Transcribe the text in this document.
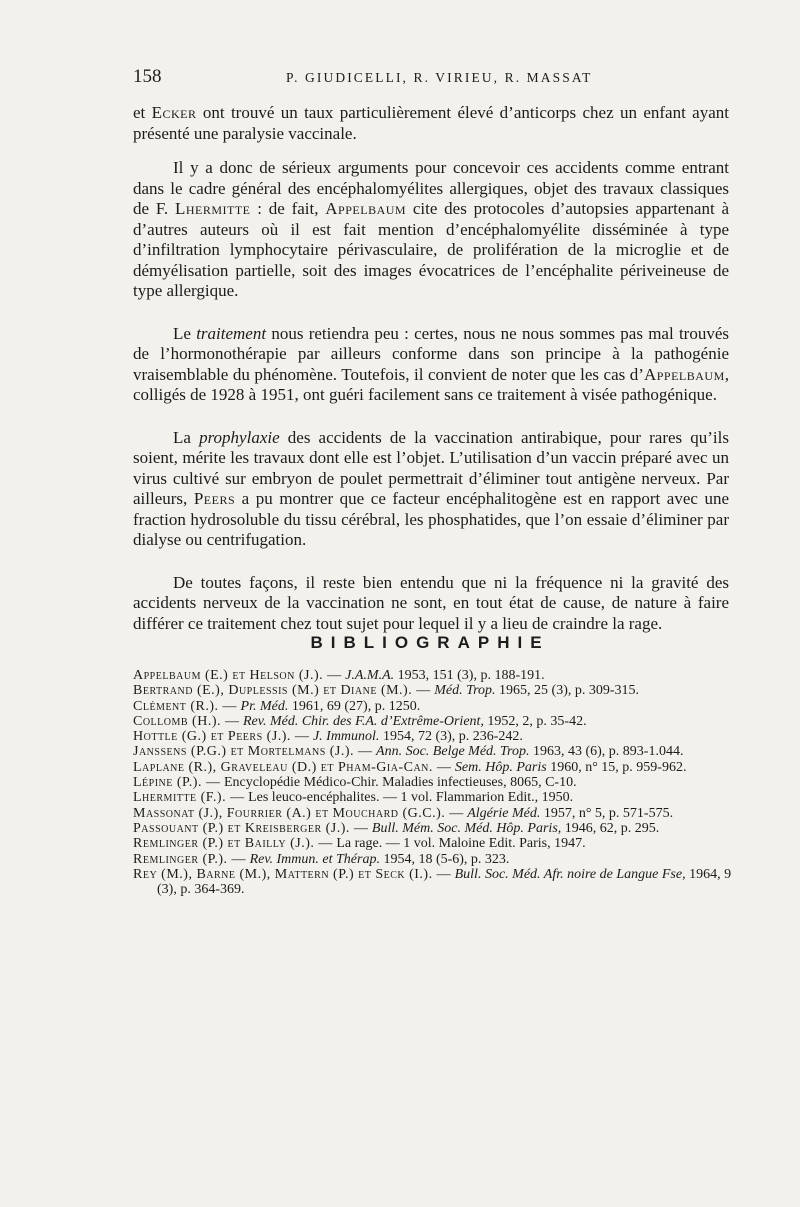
158	P. GIUDICELLI, R. VIRIEU, R. MASSAT

et Ecker ont trouvé un taux particulièrement élevé d’anticorps chez un enfant ayant présenté une paralysie vaccinale.

Il y a donc de sérieux arguments pour concevoir ces accidents comme entrant dans le cadre général des encéphalomyélites allergiques, objet des travaux classiques de F. Lhermitte : de fait, Appelbaum cite des protocoles d’autopsies appartenant à d’autres auteurs où il est fait mention d’encéphalomyélite disséminée à type d’infiltration lymphocytaire périvasculaire, de prolifération de la microglie et de démyélisation partielle, soit des images évocatrices de l’encéphalite périveineuse de type allergique.

Le traitement nous retiendra peu : certes, nous ne nous sommes pas mal trouvés de l’hormonothérapie par ailleurs conforme dans son principe à la pathogénie vraisemblable du phénomène. Toutefois, il convient de noter que les cas d’Appelbaum, colligés de 1928 à 1951, ont guéri facilement sans ce traitement à visée pathogénique.

La prophylaxie des accidents de la vaccination antirabique, pour rares qu’ils soient, mérite les travaux dont elle est l’objet. L’utilisation d’un vaccin préparé avec un virus cultivé sur embryon de poulet permettrait d’éliminer tout antigène nerveux. Par ailleurs, Peers a pu montrer que ce facteur encéphalitogène est en rapport avec une fraction hydrosoluble du tissu cérébral, les phosphatides, que l’on essaie d’éliminer par dialyse ou centrifugation.

De toutes façons, il reste bien entendu que ni la fréquence ni la gravité des accidents nerveux de la vaccination ne sont, en tout état de cause, de nature à faire différer ce traitement chez tout sujet pour lequel il y a lieu de craindre la rage.

BIBLIOGRAPHIE
Appelbaum (E.) et Helson (J.). — J.A.M.A. 1953, 151 (3), p. 188-191.
Bertrand (E.), Duplessis (M.) et Diane (M.). — Méd. Trop. 1965, 25 (3), p. 309-315.
Clément (R.). — Pr. Méd. 1961, 69 (27), p. 1250.
Collomb (H.). — Rev. Méd. Chir. des F.A. d’Extrême-Orient, 1952, 2, p. 35-42.
Hottle (G.) et Peers (J.). — J. Immunol. 1954, 72 (3), p. 236-242.
Janssens (P.G.) et Mortelmans (J.). — Ann. Soc. Belge Méd. Trop. 1963, 43 (6), p. 893-1.044.
Laplane (R.), Graveleau (D.) et Pham-Gia-Can. — Sem. Hôp. Paris 1960, n° 15, p. 959-962.
Lépine (P.). — Encyclopédie Médico-Chir. Maladies infectieuses, 8065, C-10.
Lhermitte (F.). — Les leuco-encéphalites. — 1 vol. Flammarion Edit., 1950.
Massonat (J.), Fourrier (A.) et Mouchard (G.C.). — Algérie Méd. 1957, n° 5, p. 571-575.
Passouant (P.) et Kreisberger (J.). — Bull. Mém. Soc. Méd. Hôp. Paris, 1946, 62, p. 295.
Remlinger (P.) et Bailly (J.). — La rage. — 1 vol. Maloine Edit. Paris, 1947.
Remlinger (P.). — Rev. Immun. et Thérap. 1954, 18 (5-6), p. 323.
Rey (M.), Barne (M.), Mattern (P.) et Seck (I.). — Bull. Soc. Méd. Afr. noire de Langue Fse, 1964, 9 (3), p. 364-369.
